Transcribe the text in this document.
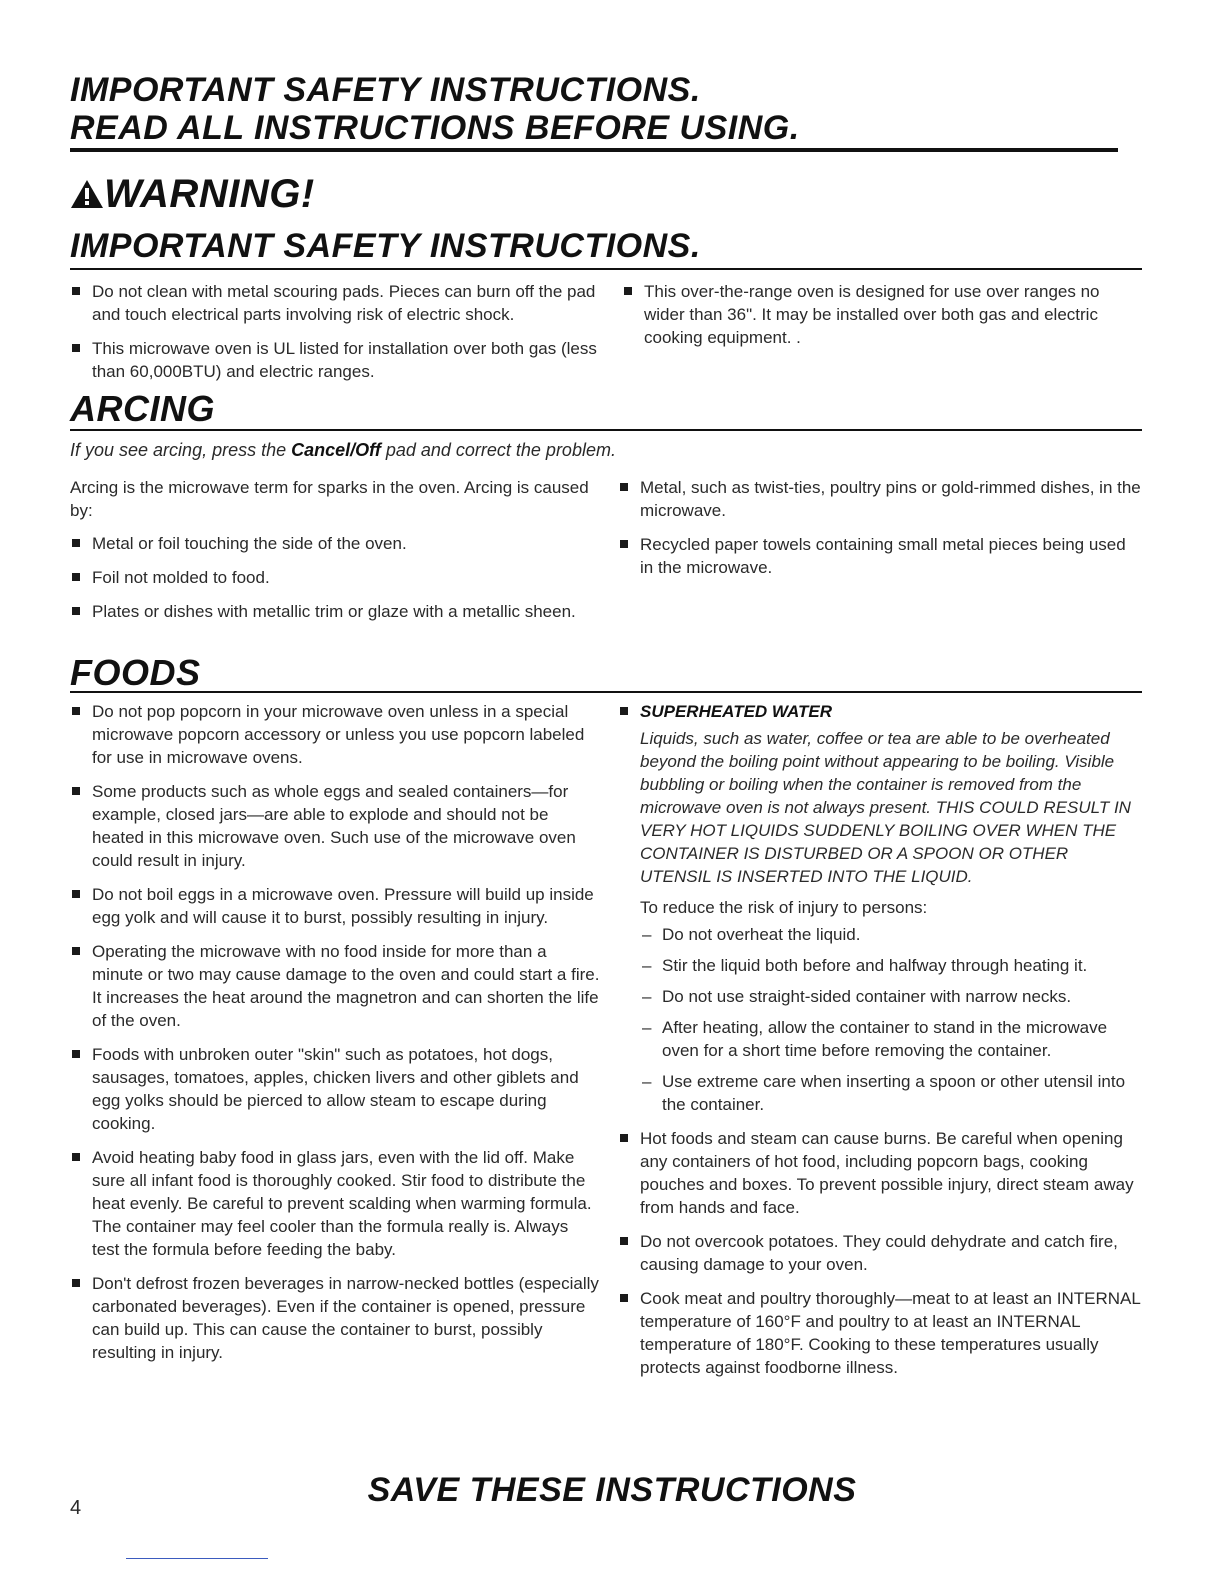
IMPORTANT SAFETY INSTRUCTIONS.
READ ALL INSTRUCTIONS BEFORE USING.
WARNING!
IMPORTANT SAFETY INSTRUCTIONS.
Do not clean with metal scouring pads. Pieces can burn off the pad and touch electrical parts involving risk of electric shock.
This microwave oven is UL listed for installation over both gas (less than 60,000BTU) and electric ranges.
This over-the-range oven is designed for use over ranges no wider than 36". It may be installed over both gas and electric cooking equipment. .
ARCING
If you see arcing, press the Cancel/Off pad and correct the problem.

Arcing is the microwave term for sparks in the oven. Arcing is caused by:

Metal or foil touching the side of the oven.
Foil not molded to food.
Plates or dishes with metallic trim or glaze with a metallic sheen.
Metal, such as twist-ties, poultry pins or gold-rimmed dishes, in the microwave.
Recycled paper towels containing small metal pieces being used in the microwave.
FOODS
Do not pop popcorn in your microwave oven unless in a special microwave popcorn accessory or unless you use popcorn labeled for use in microwave ovens.
Some products such as whole eggs and sealed containers—for example, closed jars—are able to explode and should not be heated in this microwave oven. Such use of the microwave oven could result in injury.
Do not boil eggs in a microwave oven. Pressure will build up inside egg yolk and will cause it to burst, possibly resulting in injury.
Operating the microwave with no food inside for more than a minute or two may cause damage to the oven and could start a fire. It increases the heat around the magnetron and can shorten the life of the oven.
Foods with unbroken outer "skin" such as potatoes, hot dogs, sausages, tomatoes, apples, chicken livers and other giblets and egg yolks should be pierced to allow steam to escape during cooking.
Avoid heating baby food in glass jars, even with the lid off. Make sure all infant food is thoroughly cooked. Stir food to distribute the heat evenly. Be careful to prevent scalding when warming formula. The container may feel cooler than the formula really is. Always test the formula before feeding the baby.
Don't defrost frozen beverages in narrow-necked bottles (especially carbonated beverages). Even if the container is opened, pressure can build up. This can cause the container to burst, possibly resulting in injury.
SUPERHEATED WATER
Liquids, such as water, coffee or tea are able to be overheated beyond the boiling point without appearing to be boiling. Visible bubbling or boiling when the container is removed from the microwave oven is not always present. THIS COULD RESULT IN VERY HOT LIQUIDS SUDDENLY BOILING OVER WHEN THE CONTAINER IS DISTURBED OR A SPOON OR OTHER UTENSIL IS INSERTED INTO THE LIQUID.
To reduce the risk of injury to persons:
– Do not overheat the liquid.
– Stir the liquid both before and halfway through heating it.
– Do not use straight-sided container with narrow necks.
– After heating, allow the container to stand in the microwave oven for a short time before removing the container.
– Use extreme care when inserting a spoon or other utensil into the container.
Hot foods and steam can cause burns. Be careful when opening any containers of hot food, including popcorn bags, cooking pouches and boxes. To prevent possible injury, direct steam away from hands and face.
Do not overcook potatoes. They could dehydrate and catch fire, causing damage to your oven.
Cook meat and poultry thoroughly—meat to at least an INTERNAL temperature of 160°F and poultry to at least an INTERNAL temperature of 180°F. Cooking to these temperatures usually protects against foodborne illness.
4	SAVE THESE INSTRUCTIONS
